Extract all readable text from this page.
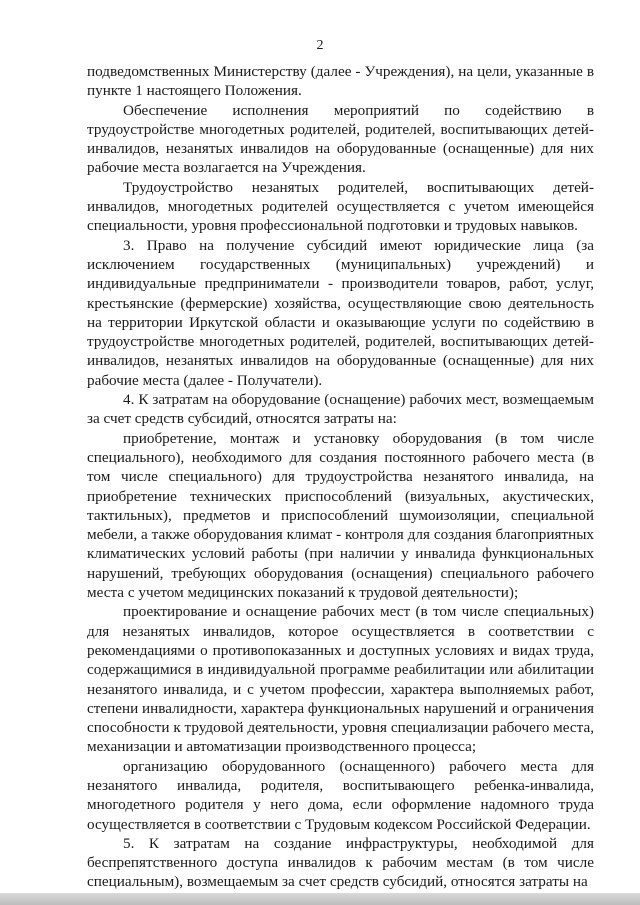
2

подведомственных Министерству (далее - Учреждения), на цели, указанные в пункте 1 настоящего Положения.

Обеспечение исполнения мероприятий по содействию в трудоустройстве многодетных родителей, родителей, воспитывающих детей-инвалидов, незанятых инвалидов на оборудованные (оснащенные) для них рабочие места возлагается на Учреждения.

Трудоустройство незанятых родителей, воспитывающих детей-инвалидов, многодетных родителей осуществляется с учетом имеющейся специальности, уровня профессиональной подготовки и трудовых навыков.

3. Право на получение субсидий имеют юридические лица (за исключением государственных (муниципальных) учреждений) и индивидуальные предприниматели - производители товаров, работ, услуг, крестьянские (фермерские) хозяйства, осуществляющие свою деятельность на территории Иркутской области и оказывающие услуги по содействию в трудоустройстве многодетных родителей, родителей, воспитывающих детей-инвалидов, незанятых инвалидов на оборудованные (оснащенные) для них рабочие места (далее - Получатели).

4. К затратам на оборудование (оснащение) рабочих мест, возмещаемым за счет средств субсидий, относятся затраты на:

приобретение, монтаж и установку оборудования (в том числе специального), необходимого для создания постоянного рабочего места (в том числе специального) для трудоустройства незанятого инвалида, на приобретение технических приспособлений (визуальных, акустических, тактильных), предметов и приспособлений шумоизоляции, специальной мебели, а также оборудования климат - контроля для создания благоприятных климатических условий работы (при наличии у инвалида функциональных нарушений, требующих оборудования (оснащения) специального рабочего места с учетом медицинских показаний к трудовой деятельности);

проектирование и оснащение рабочих мест (в том числе специальных) для незанятых инвалидов, которое осуществляется в соответствии с рекомендациями о противопоказанных и доступных условиях и видах труда, содержащимися в индивидуальной программе реабилитации или абилитации незанятого инвалида, и с учетом профессии, характера выполняемых работ, степени инвалидности, характера функциональных нарушений и ограничения способности к трудовой деятельности, уровня специализации рабочего места, механизации и автоматизации производственного процесса;

организацию оборудованного (оснащенного) рабочего места для незанятого инвалида, родителя, воспитывающего ребенка-инвалида, многодетного родителя у него дома, если оформление надомного труда осуществляется в соответствии с Трудовым кодексом Российской Федерации.

5. К затратам на создание инфраструктуры, необходимой для беспрепятственного доступа инвалидов к рабочим местам (в том числе специальным), возмещаемым за счет средств субсидий, относятся затраты на
